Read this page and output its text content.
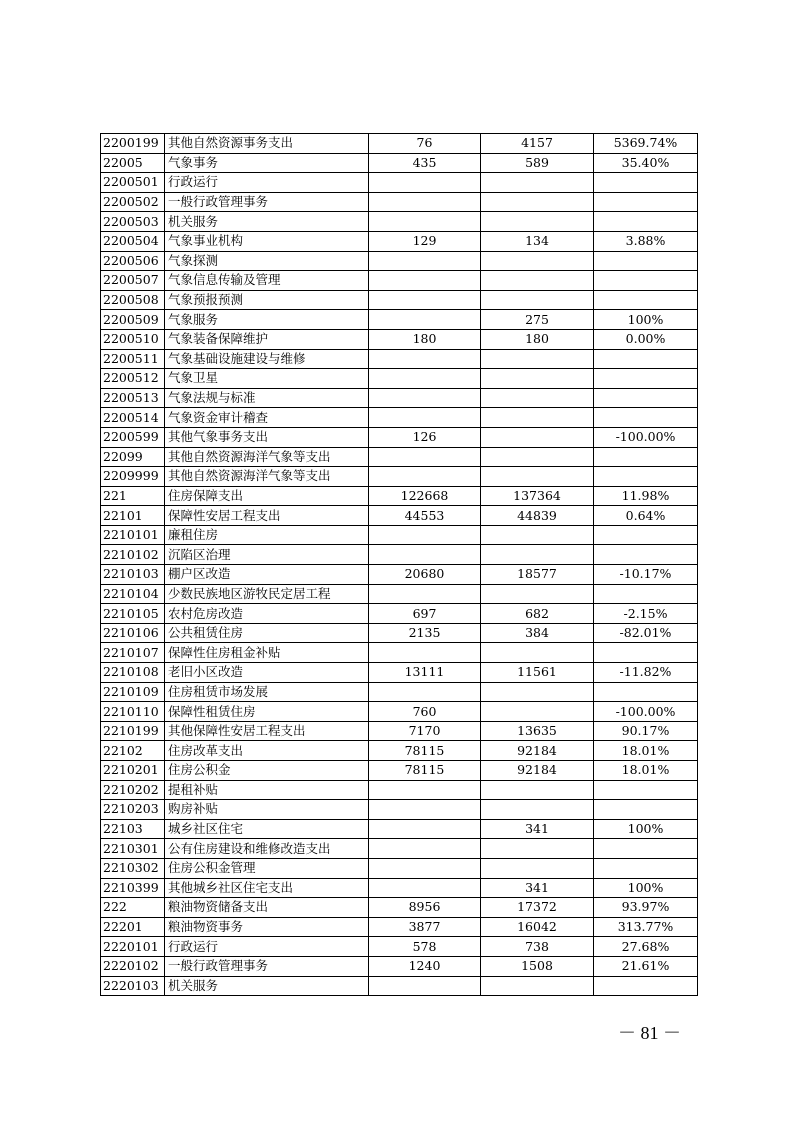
2200199	其他自然资源事务支出	76	4157	5369.74%
22005	气象事务	435	589	35.40%
2200501	行政运行			
2200502	一般行政管理事务			
2200503	机关服务			
2200504	气象事业机构	129	134	3.88%
2200506	气象探测			
2200507	气象信息传输及管理			
2200508	气象预报预测			
2200509	气象服务		275	100%
2200510	气象装备保障维护	180	180	0.00%
2200511	气象基础设施建设与维修			
2200512	气象卫星			
2200513	气象法规与标准			
2200514	气象资金审计稽查			
2200599	其他气象事务支出	126		-100.00%
22099	其他自然资源海洋气象等支出			
2209999	其他自然资源海洋气象等支出			
221	住房保障支出	122668	137364	11.98%
22101	保障性安居工程支出	44553	44839	0.64%
2210101	廉租住房			
2210102	沉陷区治理			
2210103	棚户区改造	20680	18577	-10.17%
2210104	少数民族地区游牧民定居工程			
2210105	农村危房改造	697	682	-2.15%
2210106	公共租赁住房	2135	384	-82.01%
2210107	保障性住房租金补贴			
2210108	老旧小区改造	13111	11561	-11.82%
2210109	住房租赁市场发展			
2210110	保障性租赁住房	760		-100.00%
2210199	其他保障性安居工程支出	7170	13635	90.17%
22102	住房改革支出	78115	92184	18.01%
2210201	住房公积金	78115	92184	18.01%
2210202	提租补贴			
2210203	购房补贴			
22103	城乡社区住宅		341	100%
2210301	公有住房建设和维修改造支出			
2210302	住房公积金管理			
2210399	其他城乡社区住宅支出		341	100%
222	粮油物资储备支出	8956	17372	93.97%
22201	粮油物资事务	3877	16042	313.77%
2220101	行政运行	578	738	27.68%
2220102	一般行政管理事务	1240	1508	21.61%
2220103	机关服务			
－ 81 －
